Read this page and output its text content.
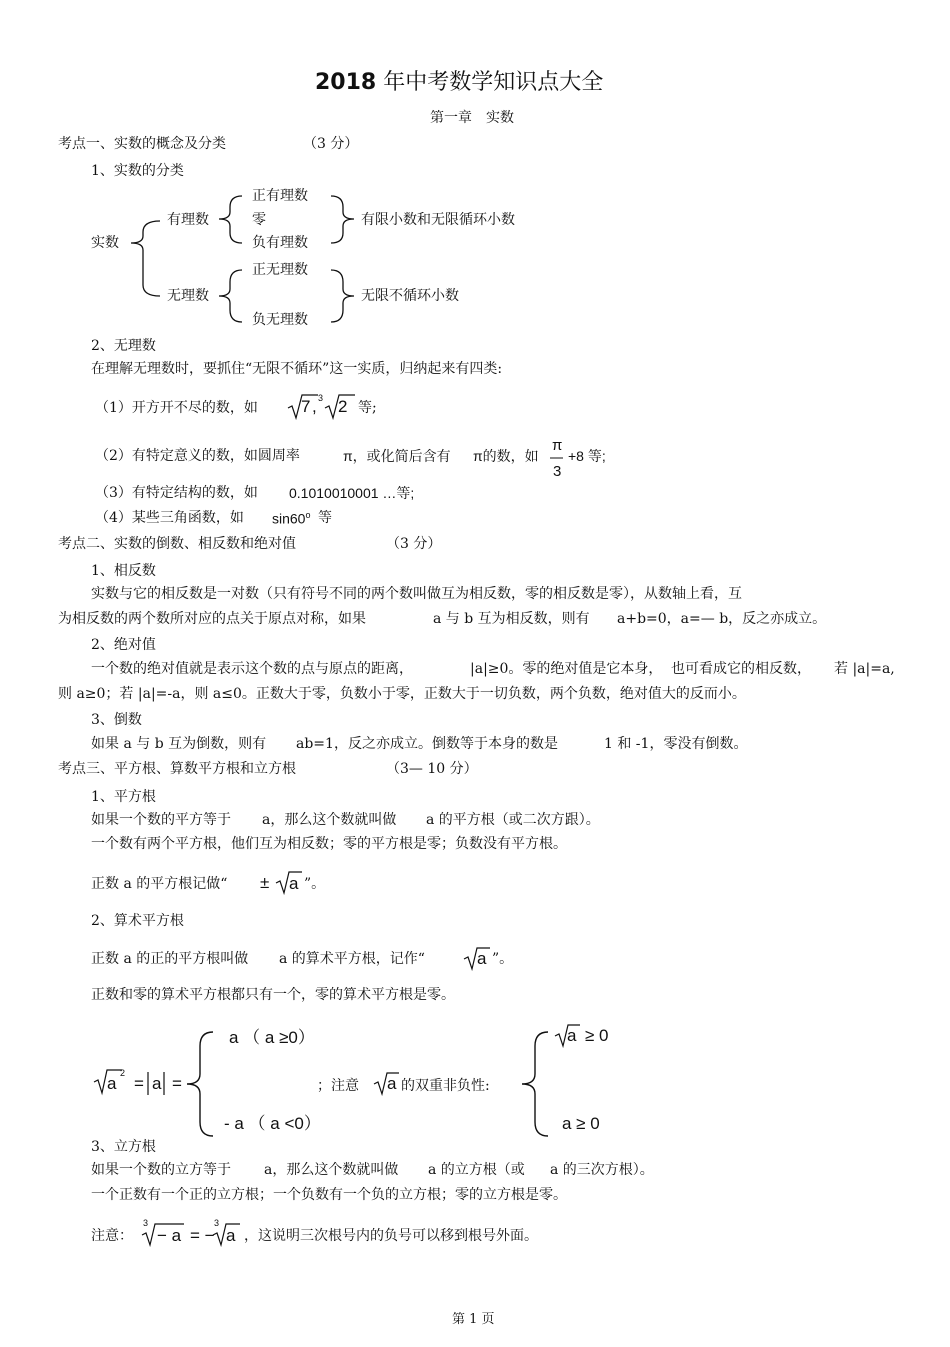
2018 年中考数学知识点大全
第一章　实数
考点一、实数的概念及分类	（3 分）
1、实数的分类
实数
有理数
正有理数
零
负有理数
有限小数和无限循环小数
无理数
正无理数
负无理数
无限不循环小数
2、无理数
在理解无理数时，要抓住“无限不循环”这一实质，归纳起来有四类:
（1）开方开不尽的数，如	7 , 3 2 等;
（2）有特定意义的数，如圆周率	π，或化简后含有 π的数，如
π
3
+8 等;
（3）有特定结构的数，如 0.1010010001 …等;
（4）某些三角函数，如 sin60$^o$ 等
考点二、实数的倒数、相反数和绝对值	（3 分）
1、相反数
实数与它的相反数是一对数（只有符号不同的两个数叫做互为相反数，零的相反数是零），从数轴上看，互
为相反数的两个数所对应的点关于原点对称，如果	a 与 b 互为相反数，则有 a+b=0，a=— b，反之亦成立。
2、绝对值
一个数的绝对值就是表示这个数的点与原点的距离，	|a|≥0。零的绝对值是它本身， 也可看成它的相反数， 若 |a|=a,
则 a≥0；若 |a|=-a，则 a≤0。正数大于零，负数小于零，正数大于一切负数，两个负数，绝对值大的反而小。
3、倒数
如果 a 与 b 互为倒数，则有 ab=1，反之亦成立。倒数等于本身的数是	1 和 -1，零没有倒数。
考点三、平方根、算数平方根和立方根	（3— 10 分）
1、平方根
如果一个数的平方等于 a，那么这个数就叫做 a 的平方根（或二次方跟）。
一个数有两个平方根，他们互为相反数；零的平方根是零；负数没有平方根。
正数 a 的平方根记做“ ± a ”。
2、算术平方根
正数 a 的正的平方根叫做 a 的算术平方根，记作“	a ”。
正数和零的算术平方根都只有一个，零的算术平方根是零。
a
2
= a =
a （ a ≥0）
- a （ a <0）
；注意 a 的双重非负性:
a ≥ 0
a ≥ 0
3、立方根
如果一个数的立方等于 a，那么这个数就叫做 a 的立方根（或 a 的三次方根）。
一个正数有一个正的立方根；一个负数有一个负的立方根；零的立方根是零。
注意：
3
− a = −
3
a ，这说明三次根号内的负号可以移到根号外面。
第 1 页
